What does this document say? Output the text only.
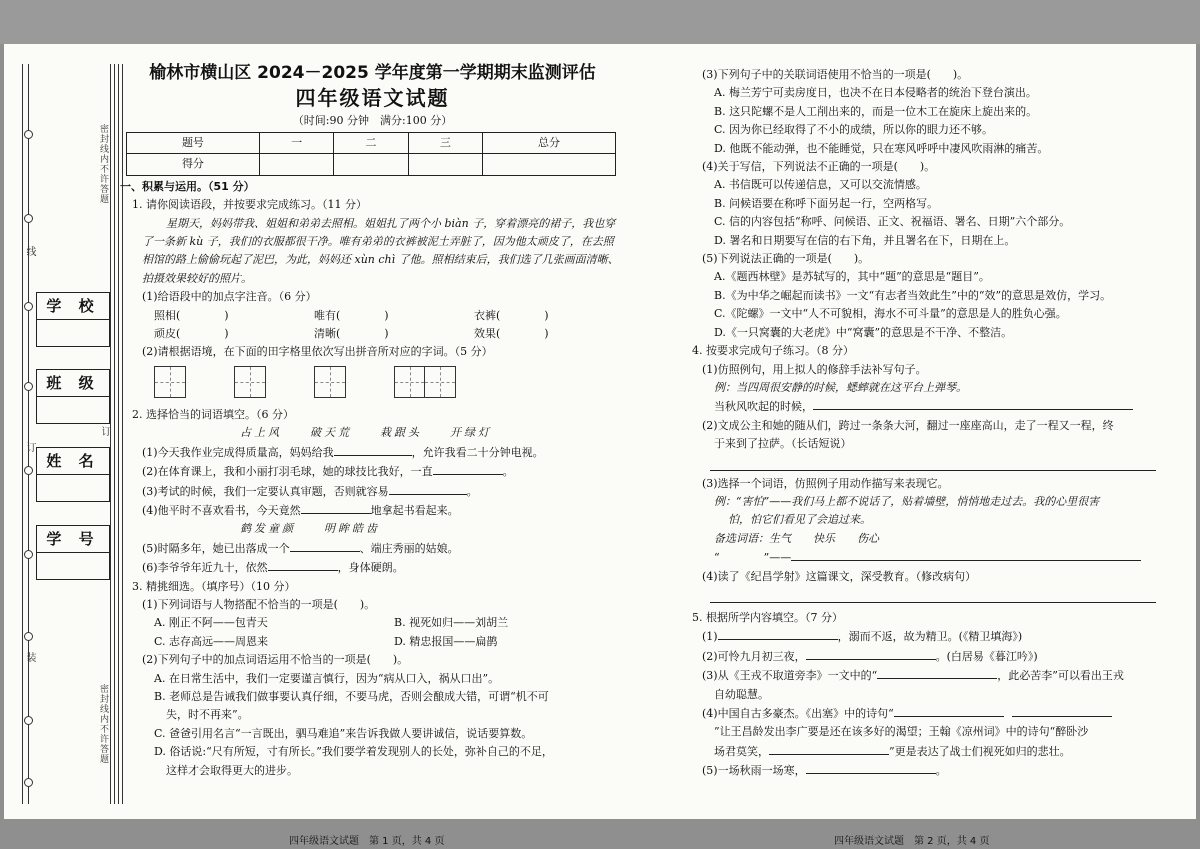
密封线内不许答题
密封线内不许答题
线
订
装
订
学 校
班 级
姓 名
学 号
榆林市横山区 2024－2025 学年度第一学期期末监测评估
四年级语文试题
（时间:90 分钟　满分:100 分）
题号	一	二	三	总分
得分				
一、积累与运用。（51 分）
1. 请你阅读语段，并按要求完成练习。（11 分）
星期天，妈妈带我、姐姐和弟弟去照相。姐姐扎了两个小 biàn 子，穿着漂亮的裙子，我也穿了一条新 kù 子，我们的衣服都很干净。唯有弟弟的衣裤被泥土弄脏了，因为他太顽皮了，在去照相馆的路上偷偷玩起了泥巴，为此，妈妈还 xùn chì 了他。照相结束后，我们选了几张画面清晰、拍摄效果较好的照片。
(1)给语段中的加点字注音。（6 分）
照相(　　　　)	唯有(　　　　)	衣裤(　　　　)
顽皮(　　　　)	清晰(　　　　)	效果(　　　　)
(2)请根据语境，在下面的田字格里依次写出拼音所对应的字词。（5 分）
2. 选择恰当的词语填空。（6 分）
占上风　　破天荒　　栽跟头　　开绿灯
(1)今天我作业完成得质量高，妈妈给我	，允许我看二十分钟电视。
(2)在体育课上，我和小丽打羽毛球，她的球技比我好，一直	。
(3)考试的时候，我们一定要认真审题，否则就容易	。
(4)他平时不喜欢看书，今天竟然	地拿起书看起来。
鹤发童颜　　明眸皓齿
(5)时隔多年，她已出落成一个	、端庄秀丽的姑娘。
(6)李爷爷年近九十，依然	，身体硬朗。
3. 精挑细选。（填序号）（10 分）
(1)下列词语与人物搭配不恰当的一项是(　　)。
A. 刚正不阿——包青天	B. 视死如归——刘胡兰
C. 志存高远——周恩来	D. 精忠报国——扁鹊
(2)下列句子中的加点词语运用不恰当的一项是(　　)。
A. 在日常生活中，我们一定要谨言慎行，因为“病从口入，祸从口出”。
B. 老师总是告诫我们做事要认真仔细，不要马虎，否则会酿成大错，可谓“机不可
失，时不再来”。
C. 爸爸引用名言“一言既出，驷马难追”来告诉我做人要讲诚信，说话要算数。
D. 俗话说:“尺有所短，寸有所长。”我们要学着发现别人的长处，弥补自己的不足，
这样才会取得更大的进步。
(3)下列句子中的关联词语使用不恰当的一项是(　　)。
A. 梅兰芳宁可卖房度日，也决不在日本侵略者的统治下登台演出。
B. 这只陀螺不是人工削出来的，而是一位木工在旋床上旋出来的。
C. 因为你已经取得了不小的成绩，所以你的眼力还不够。
D. 他既不能动弹，也不能睡觉，只在寒风呼呼中凄风吹雨淋的痛苦。
(4)关于写信，下列说法不正确的一项是(　　)。
A. 书信既可以传递信息，又可以交流情感。
B. 问候语要在称呼下面另起一行，空两格写。
C. 信的内容包括“称呼、问候语、正文、祝福语、署名、日期”六个部分。
D. 署名和日期要写在信的右下角，并且署名在下，日期在上。
(5)下列说法正确的一项是(　　)。
A.《题西林壁》是苏轼写的，其中“题”的意思是“题目”。
B.《为中华之崛起而读书》一文“有志者当效此生”中的“效”的意思是效仿，学习。
C.《陀螺》一文中“人不可貌相，海水不可斗量”的意思是人的胜负心强。
D.《一只窝囊的大老虎》中“窝囊”的意思是不干净、不整洁。
4. 按要求完成句子练习。（8 分）
(1)仿照例句，用上拟人的修辞手法补写句子。
例：当四周很安静的时候，蟋蟀就在这平台上弹琴。
当秋风吹起的时候，
(2)文成公主和她的随从们，跨过一条条大河，翻过一座座高山，走了一程又一程，终
于来到了拉萨。（长话短说）
(3)选择一个词语，仿照例子用动作描写来表现它。
例：“害怕”——我们马上都不说话了，贴着墙壁，悄悄地走过去。我的心里很害
怕，怕它们看见了会追过来。
备选词语：生气　　快乐　　伤心
“　　　　”——
(4)读了《纪昌学射》这篇课文，深受教育。（修改病句）
5. 根据所学内容填空。（7 分）
(1)	，溺而不返，故为精卫。(《精卫填海》)
(2)可怜九月初三夜，	。(白居易《暮江吟》)
(3)从《王戎不取道旁李》一文中的“	，此必苦李”可以看出王戎
自幼聪慧。
(4)中国自古多豪杰。《出塞》中的诗句“
”让王昌龄发出李广要是还在该多好的渴望；王翰《凉州词》中的诗句“醉卧沙
场君莫笑，	”更是表达了战士们视死如归的悲壮。
(5)一场秋雨一场寒，	。
四年级语文试题　第 1 页，共 4 页	四年级语文试题　第 2 页，共 4 页
